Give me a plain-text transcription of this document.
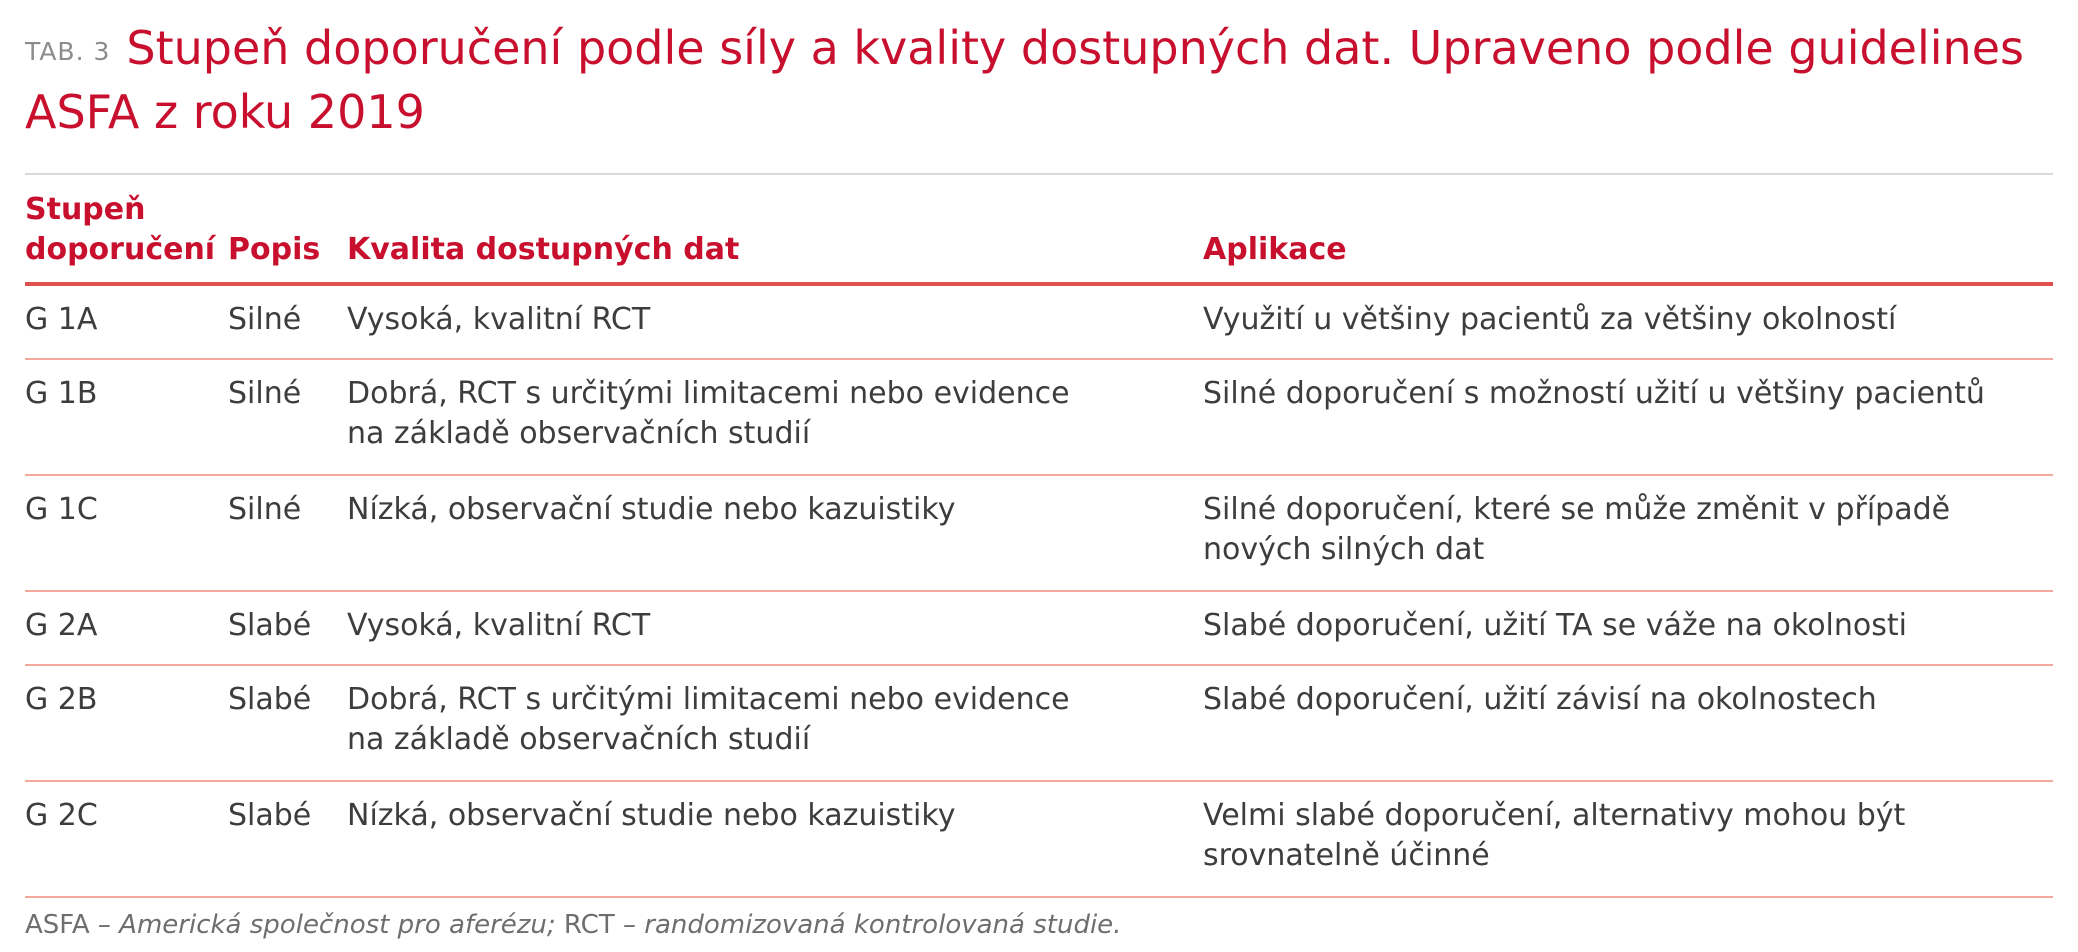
TAB. 3 Stupeň doporučení podle síly a kvality dostupných dat. Upraveno podle guidelines ASFA z roku 2019
Stupeň doporučení	Popis	Kvalita dostupných dat	Aplikace
G 1A	Silné	Vysoká, kvalitní RCT	Využití u většiny pacientů za většiny okolností
G 1B	Silné	Dobrá, RCT s určitými limitacemi nebo evidence na základě observačních studií	Silné doporučení s možností užití u většiny pacientů
G 1C	Silné	Nízká, observační studie nebo kazuistiky	Silné doporučení, které se může změnit v případě nových silných dat
G 2A	Slabé	Vysoká, kvalitní RCT	Slabé doporučení, užití TA se váže na okolnosti
G 2B	Slabé	Dobrá, RCT s určitými limitacemi nebo evidence na základě observačních studií	Slabé doporučení, užití závisí na okolnostech
G 2C	Slabé	Nízká, observační studie nebo kazuistiky	Velmi slabé doporučení, alternativy mohou být srovnatelně účinné
ASFA – Americká společnost pro aferézu; RCT – randomizovaná kontrolovaná studie.
